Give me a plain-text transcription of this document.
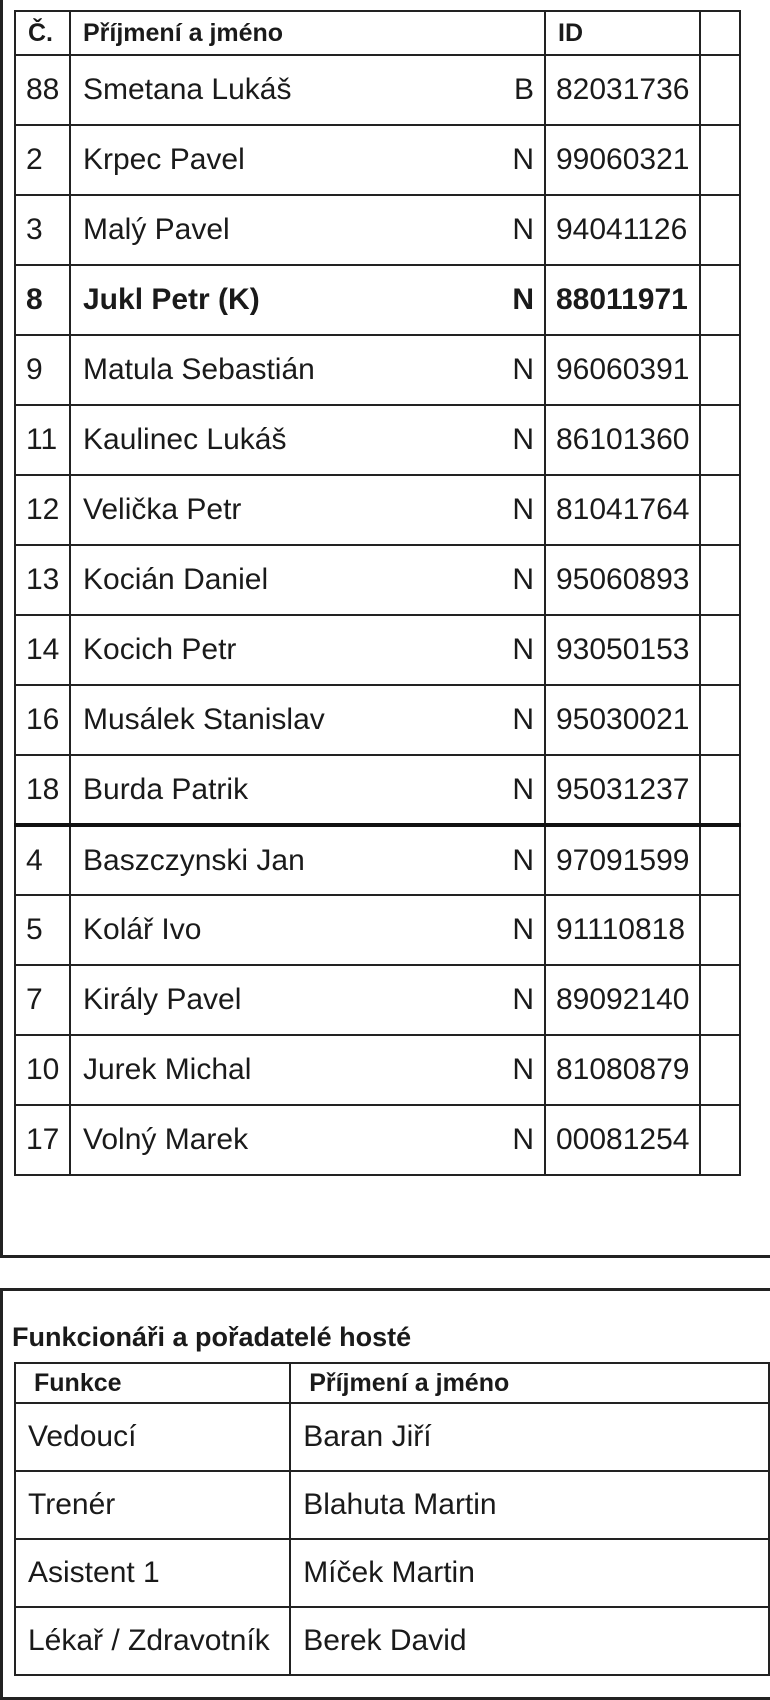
Č.	Příjmení a jméno		ID	
88	Smetana Lukáš	B	82031736	
2	Krpec Pavel	N	99060321	
3	Malý Pavel	N	94041126	
8	Jukl Petr (K)	N	88011971	
9	Matula Sebastián	N	96060391	
11	Kaulinec Lukáš	N	86101360	
12	Velička Petr	N	81041764	
13	Kocián Daniel	N	95060893	
14	Kocich Petr	N	93050153	
16	Musálek Stanislav	N	95030021	
18	Burda Patrik	N	95031237	
4	Baszczynski Jan	N	97091599	
5	Kolář Ivo	N	91110818	
7	Király Pavel	N	89092140	
10	Jurek Michal	N	81080879	
17	Volný Marek	N	00081254	
Funkcionáři a pořadatelé hosté
Funkce	Příjmení a jméno
Vedoucí	Baran Jiří
Trenér	Blahuta Martin
Asistent 1	Míček Martin
Lékař / Zdravotník	Berek David
